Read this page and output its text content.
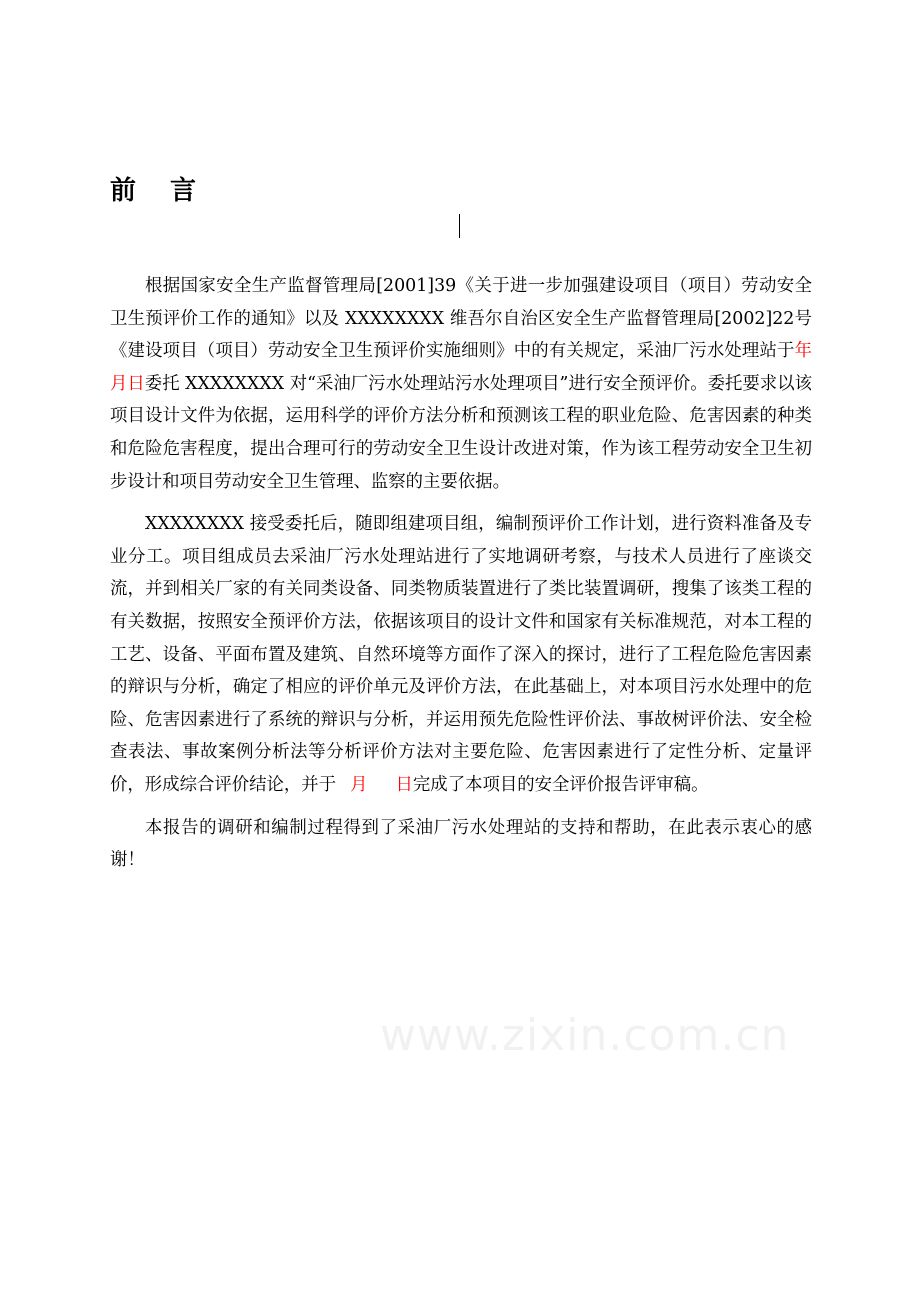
前 言

根据国家安全生产监督管理局[2001]39《关于进一步加强建设项目（项目）劳动安全卫生预评价工作的通知》以及 XXXXXXXX 维吾尔自治区安全生产监督管理局[2002]22号《建设项目（项目）劳动安全卫生预评价实施细则》中的有关规定，采油厂污水处理站于年月日委托 XXXXXXXX 对“采油厂污水处理站污水处理项目”进行安全预评价。委托要求以该项目设计文件为依据，运用科学的评价方法分析和预测该工程的职业危险、危害因素的种类和危险危害程度，提出合理可行的劳动安全卫生设计改进对策，作为该工程劳动安全卫生初步设计和项目劳动安全卫生管理、监察的主要依据。

XXXXXXXX 接受委托后，随即组建项目组，编制预评价工作计划，进行资料准备及专业分工。项目组成员去采油厂污水处理站进行了实地调研考察，与技术人员进行了座谈交流，并到相关厂家的有关同类设备、同类物质装置进行了类比装置调研，搜集了该类工程的有关数据，按照安全预评价方法，依据该项目的设计文件和国家有关标准规范，对本工程的工艺、设备、平面布置及建筑、自然环境等方面作了深入的探讨，进行了工程危险危害因素的辩识与分析，确定了相应的评价单元及评价方法，在此基础上，对本项目污水处理中的危险、危害因素进行了系统的辩识与分析，并运用预先危险性评价法、事故树评价法、安全检查表法、事故案例分析法等分析评价方法对主要危险、危害因素进行了定性分析、定量评价，形成综合评价结论，并于 月 日完成了本项目的安全评价报告评审稿。

本报告的调研和编制过程得到了采油厂污水处理站的支持和帮助，在此表示衷心的感谢！

www.zixin.com.cn
